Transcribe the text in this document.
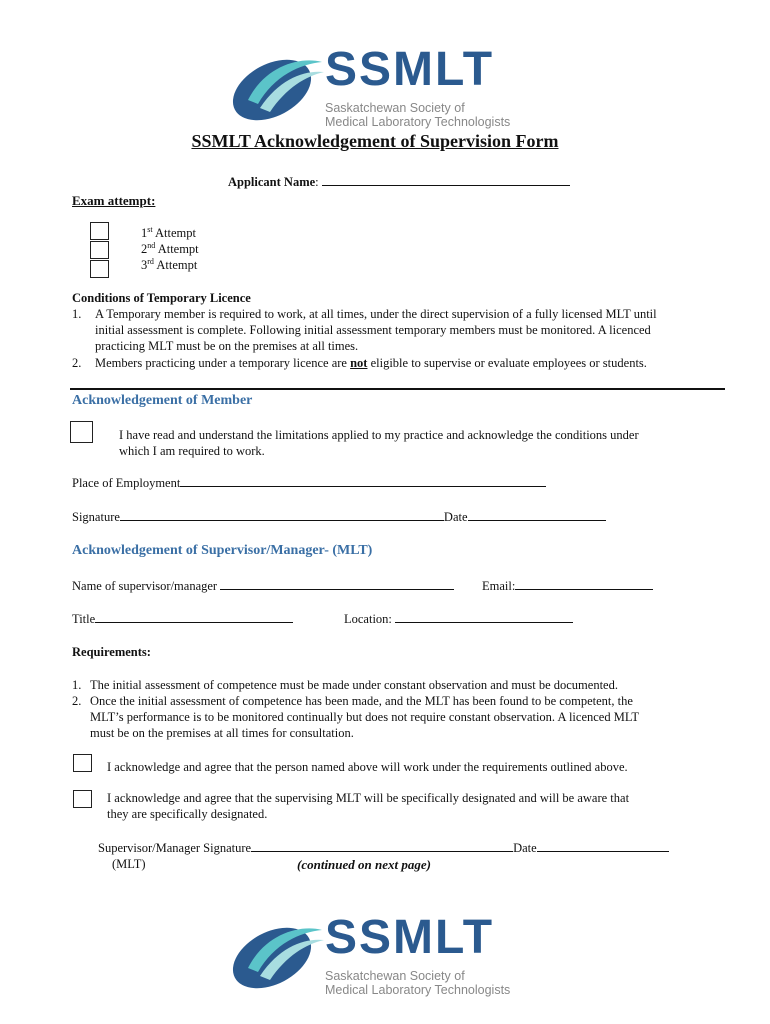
SSMLT
Saskatchewan Society of
Medical Laboratory Technologists
SSMLT Acknowledgement of Supervision Form
Applicant Name:
Exam attempt:
1st Attempt
2nd Attempt
3rd Attempt
Conditions of Temporary Licence
1. A Temporary member is required to work, at all times, under the direct supervision of a fully licensed MLT until
initial assessment is complete. Following initial assessment temporary members must be monitored. A licenced
practicing MLT must be on the premises at all times.
2. Members practicing under a temporary licence are not eligible to supervise or evaluate employees or students.
Acknowledgement of Member
I have read and understand the limitations applied to my practice and acknowledge the conditions under
which I am required to work.
Place of Employment
Signature	Date
Acknowledgement of Supervisor/Manager- (MLT)
Name of supervisor/manager	Email:
Title	Location:
Requirements:
1. The initial assessment of competence must be made under constant observation and must be documented.
2. Once the initial assessment of competence has been made, and the MLT has been found to be competent, the
MLT’s performance is to be monitored continually but does not require constant observation. A licenced MLT
must be on the premises at all times for consultation.
I acknowledge and agree that the person named above will work under the requirements outlined above.
I acknowledge and agree that the supervising MLT will be specifically designated and will be aware that
they are specifically designated.
Supervisor/Manager Signature	Date
(MLT)	(continued on next page)
SSMLT
Saskatchewan Society of
Medical Laboratory Technologists
